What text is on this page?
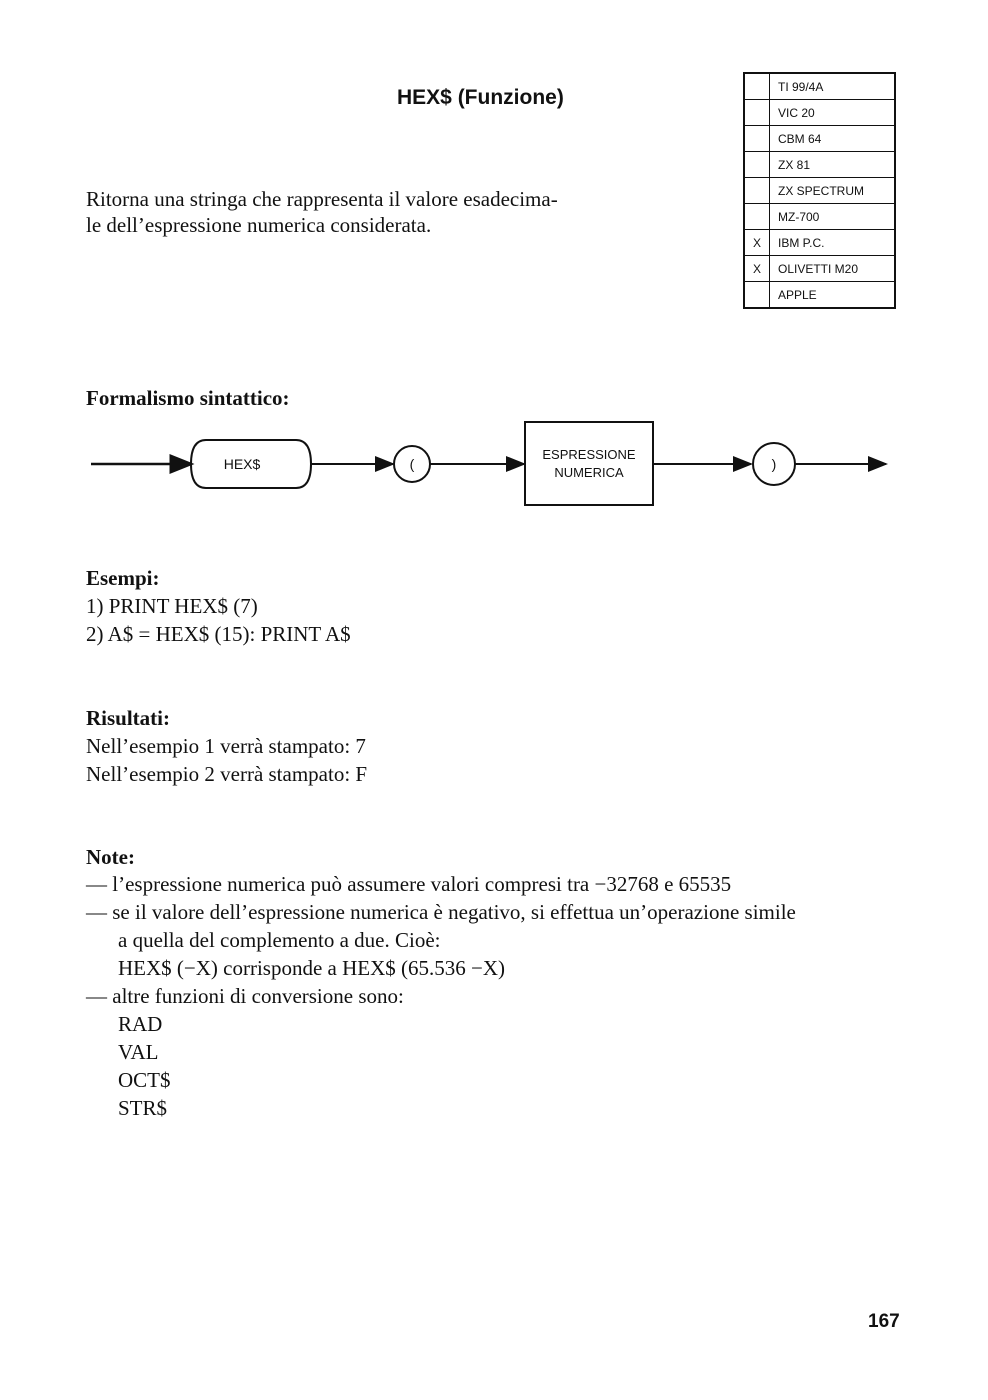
HEX$ (Funzione)
Ritorna una stringa che rappresenta il valore esadecima-
le dell’espressione numerica considerata.
	TI 99/4A
	VIC 20
	CBM 64
	ZX 81
	ZX SPECTRUM
	MZ-700
X	IBM P.C.
X	OLIVETTI M20
	APPLE
Formalismo sintattico:
HEX$	(
ESPRESSIONE
NUMERICA
)
Esempi:
1) PRINT HEX$ (7)
2) A$ = HEX$ (15): PRINT A$
Risultati:
Nell’esempio 1 verrà stampato: 7
Nell’esempio 2 verrà stampato: F
Note:
— l’espressione numerica può assumere valori compresi tra −32768 e 65535
— se il valore dell’espressione numerica è negativo, si effettua un’operazione simile
a quella del complemento a due. Cioè:
HEX$ (−X) corrisponde a HEX$ (65.536 −X)
— altre funzioni di conversione sono:
RAD
VAL
OCT$
STR$
167
